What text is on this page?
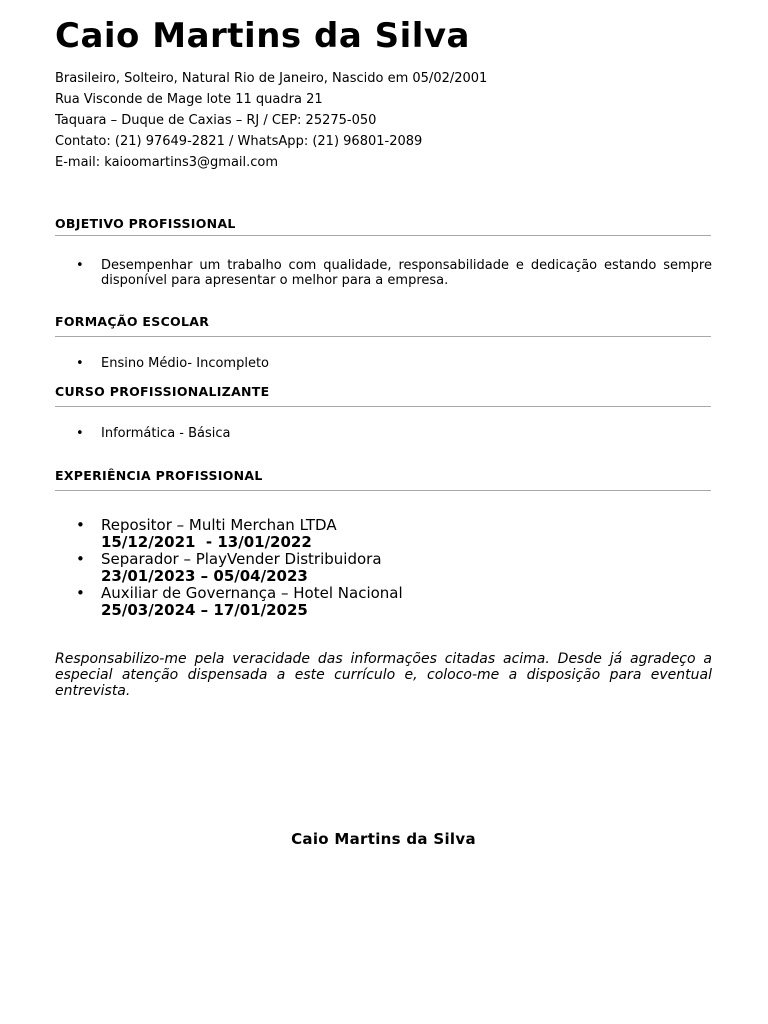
Caio Martins da Silva
Brasileiro, Solteiro, Natural Rio de Janeiro, Nascido em 05/02/2001
Rua Visconde de Mage lote 11 quadra 21
Taquara – Duque de Caxias – RJ / CEP: 25275-050
Contato: (21) 97649-2821 / WhatsApp: (21) 96801-2089
E-mail: kaioomartins3@gmail.com
OBJETIVO PROFISSIONAL
• Desempenhar um trabalho com qualidade, responsabilidade e dedicação estando sempre disponível para apresentar o melhor para a empresa.
FORMAÇÃO ESCOLAR
• Ensino Médio- Incompleto
CURSO PROFISSIONALIZANTE
• Informática - Básica
EXPERIÊNCIA PROFISSIONAL
• Repositor – Multi Merchan LTDA
15/12/2021  - 13/01/2022
• Separador – PlayVender Distribuidora
23/01/2023 – 05/04/2023
• Auxiliar de Governança – Hotel Nacional
25/03/2024 – 17/01/2025

Responsabilizo-me pela veracidade das informações citadas acima. Desde já agradeço a especial atenção dispensada a este currículo e, coloco-me a disposição para eventual entrevista.

Caio Martins da Silva
